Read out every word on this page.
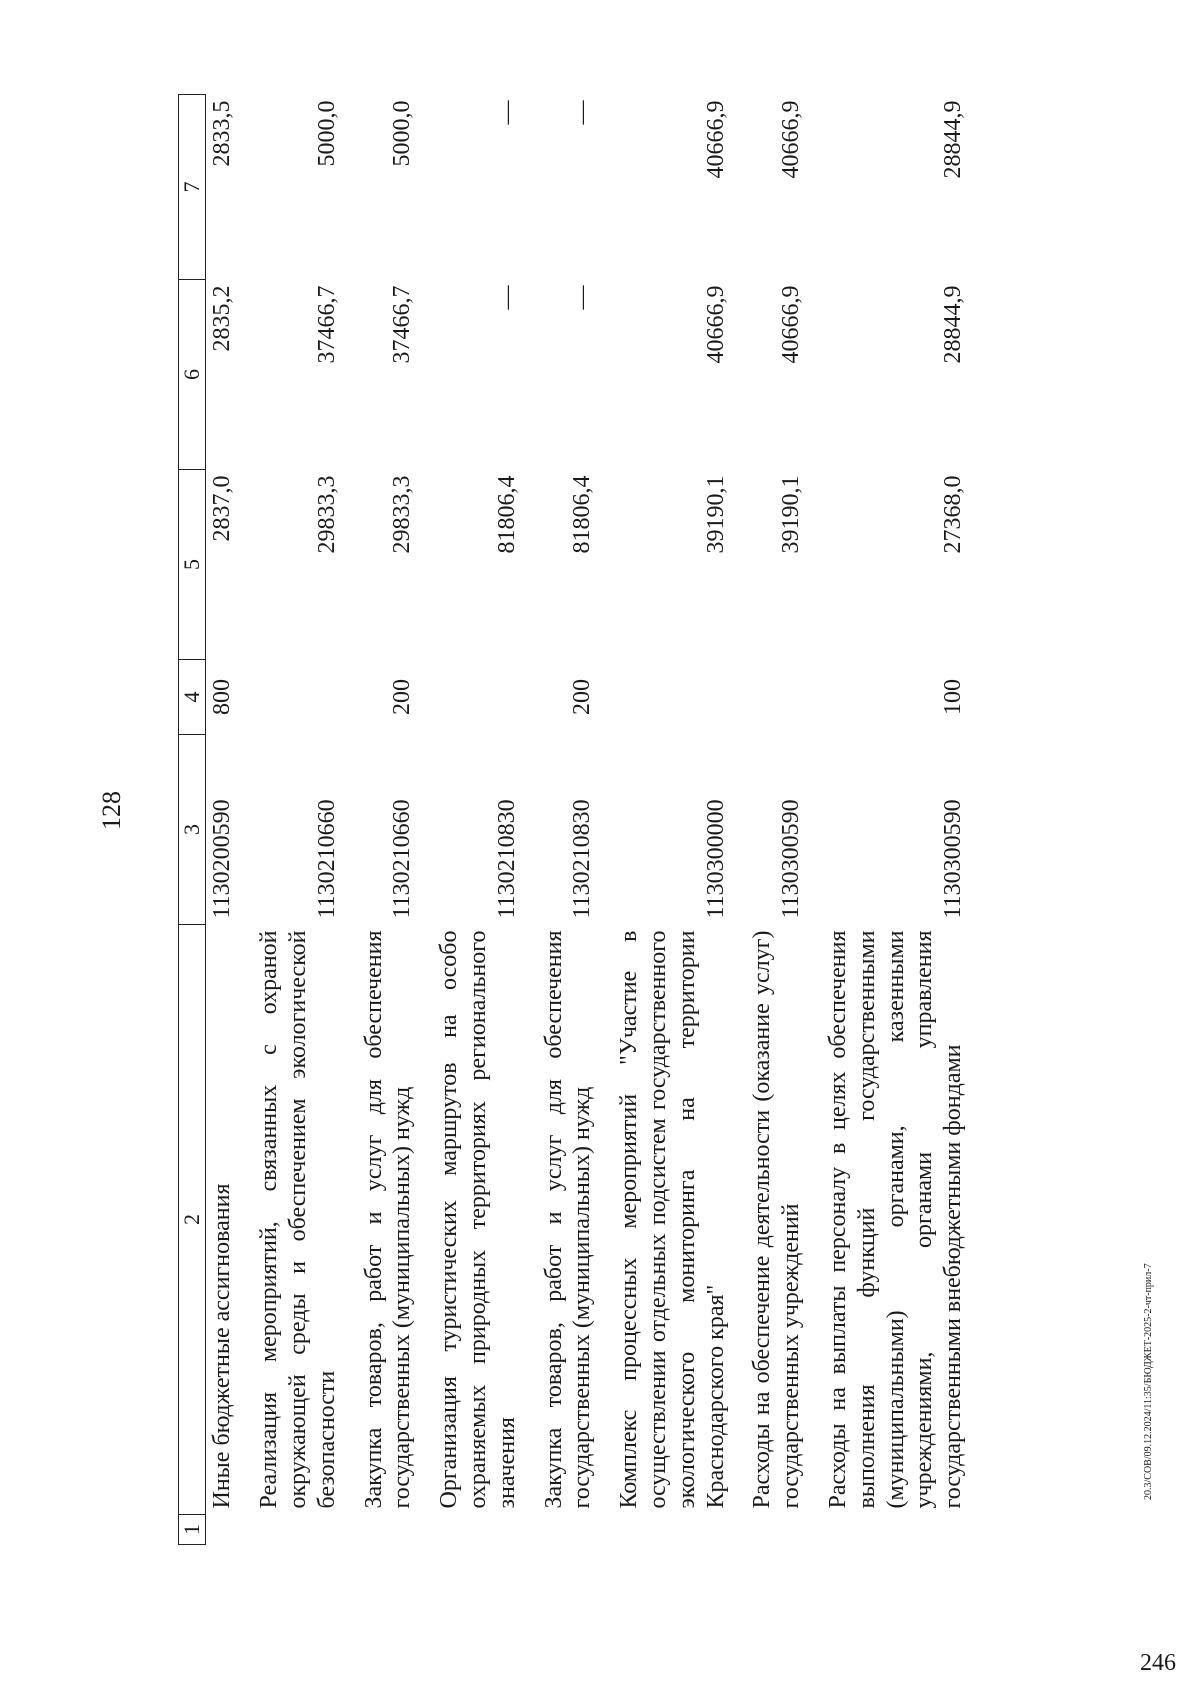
128
1	2	3	4	5	6	7
	Иные бюджетные ассигнования	1130200590	800	2837,0	2835,2	2833,5
	Реализация мероприятий, связанных с охраной окружающей среды и обеспечением экологической безопасности	1130210660		29833,3	37466,7	5000,0
	Закупка товаров, работ и услуг для обеспечения государственных (муниципальных) нужд	1130210660	200	29833,3	37466,7	5000,0
	Организация туристических маршрутов на особо охраняемых природных территориях регионального значения	1130210830		81806,4	—	—
	Закупка товаров, работ и услуг для обеспечения государственных (муниципальных) нужд	1130210830	200	81806,4	—	—
	Комплекс процессных мероприятий "Участие в осуществлении отдельных подсистем государственного экологического мониторинга на территории Краснодарского края"	1130300000		39190,1	40666,9	40666,9
	Расходы на обеспечение деятельности (оказание услуг) государственных учреждений	1130300590		39190,1	40666,9	40666,9
	Расходы на выплаты персоналу в целях обеспечения выполнения функций государственными (муниципальными) органами, казенными учреждениями, органами управления государственными внебюджетными фондами	1130300590	100	27368,0	28844,9	28844,9
20.3/СОВ/09.12.2024/11:35/БЮДЖЕТ-2025-2-чт-прил-7
246
